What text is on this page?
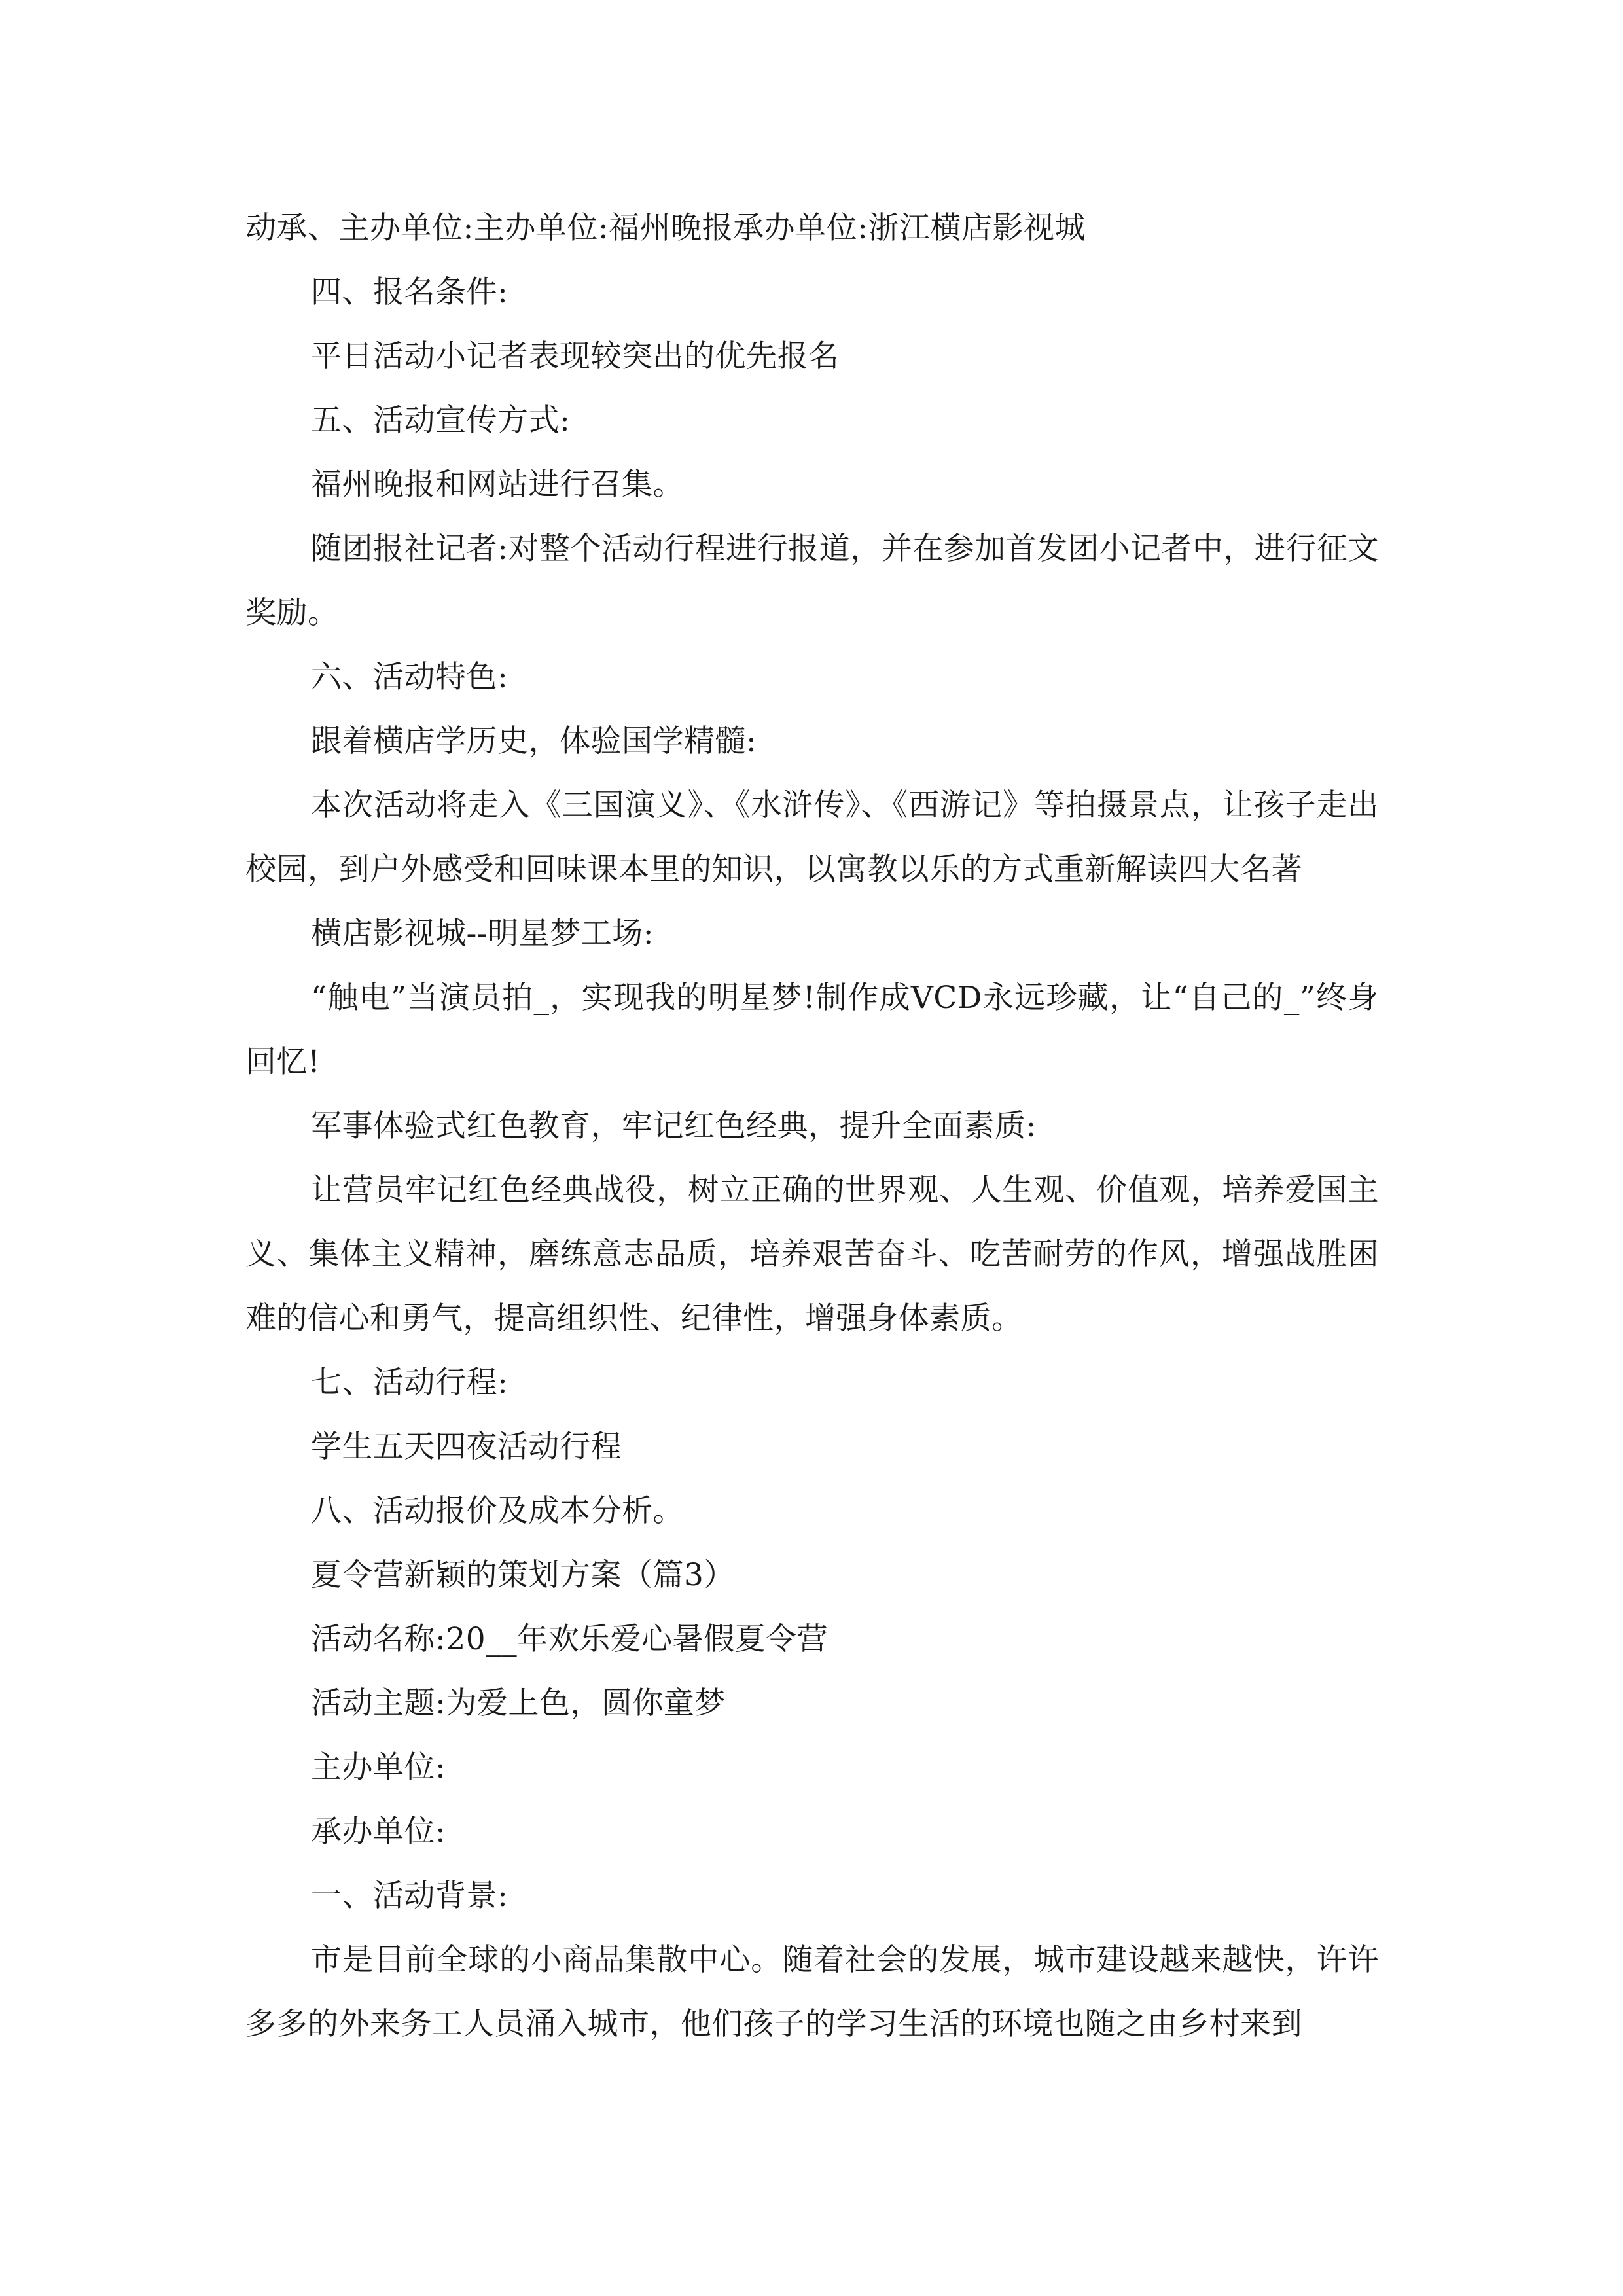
动承、主办单位:主办单位:福州晚报承办单位:浙江横店影视城

四、报名条件:

平日活动小记者表现较突出的优先报名

五、活动宣传方式:

福州晚报和网站进行召集。

随团报社记者:对整个活动行程进行报道，并在参加首发团小记者中，进行征文奖励。

六、活动特色:

跟着横店学历史，体验国学精髓:

本次活动将走入《三国演义》、《水浒传》、《西游记》等拍摄景点，让孩子走出校园，到户外感受和回味课本里的知识，以寓教以乐的方式重新解读四大名著

横店影视城--明星梦工场:

“触电”当演员拍_，实现我的明星梦!制作成VCD永远珍藏，让“自己的_”终身回忆!

军事体验式红色教育，牢记红色经典，提升全面素质:

让营员牢记红色经典战役，树立正确的世界观、人生观、价值观，培养爱国主义、集体主义精神，磨练意志品质，培养艰苦奋斗、吃苦耐劳的作风，增强战胜困难的信心和勇气，提高组织性、纪律性，增强身体素质。

七、活动行程:

学生五天四夜活动行程

八、活动报价及成本分析。

夏令营新颖的策划方案（篇3）

活动名称:20__年欢乐爱心暑假夏令营

活动主题:为爱上色，圆你童梦

主办单位:

承办单位:

一、活动背景:

市是目前全球的小商品集散中心。随着社会的发展，城市建设越来越快，许许多多的外来务工人员涌入城市，他们孩子的学习生活的环境也随之由乡村来到
